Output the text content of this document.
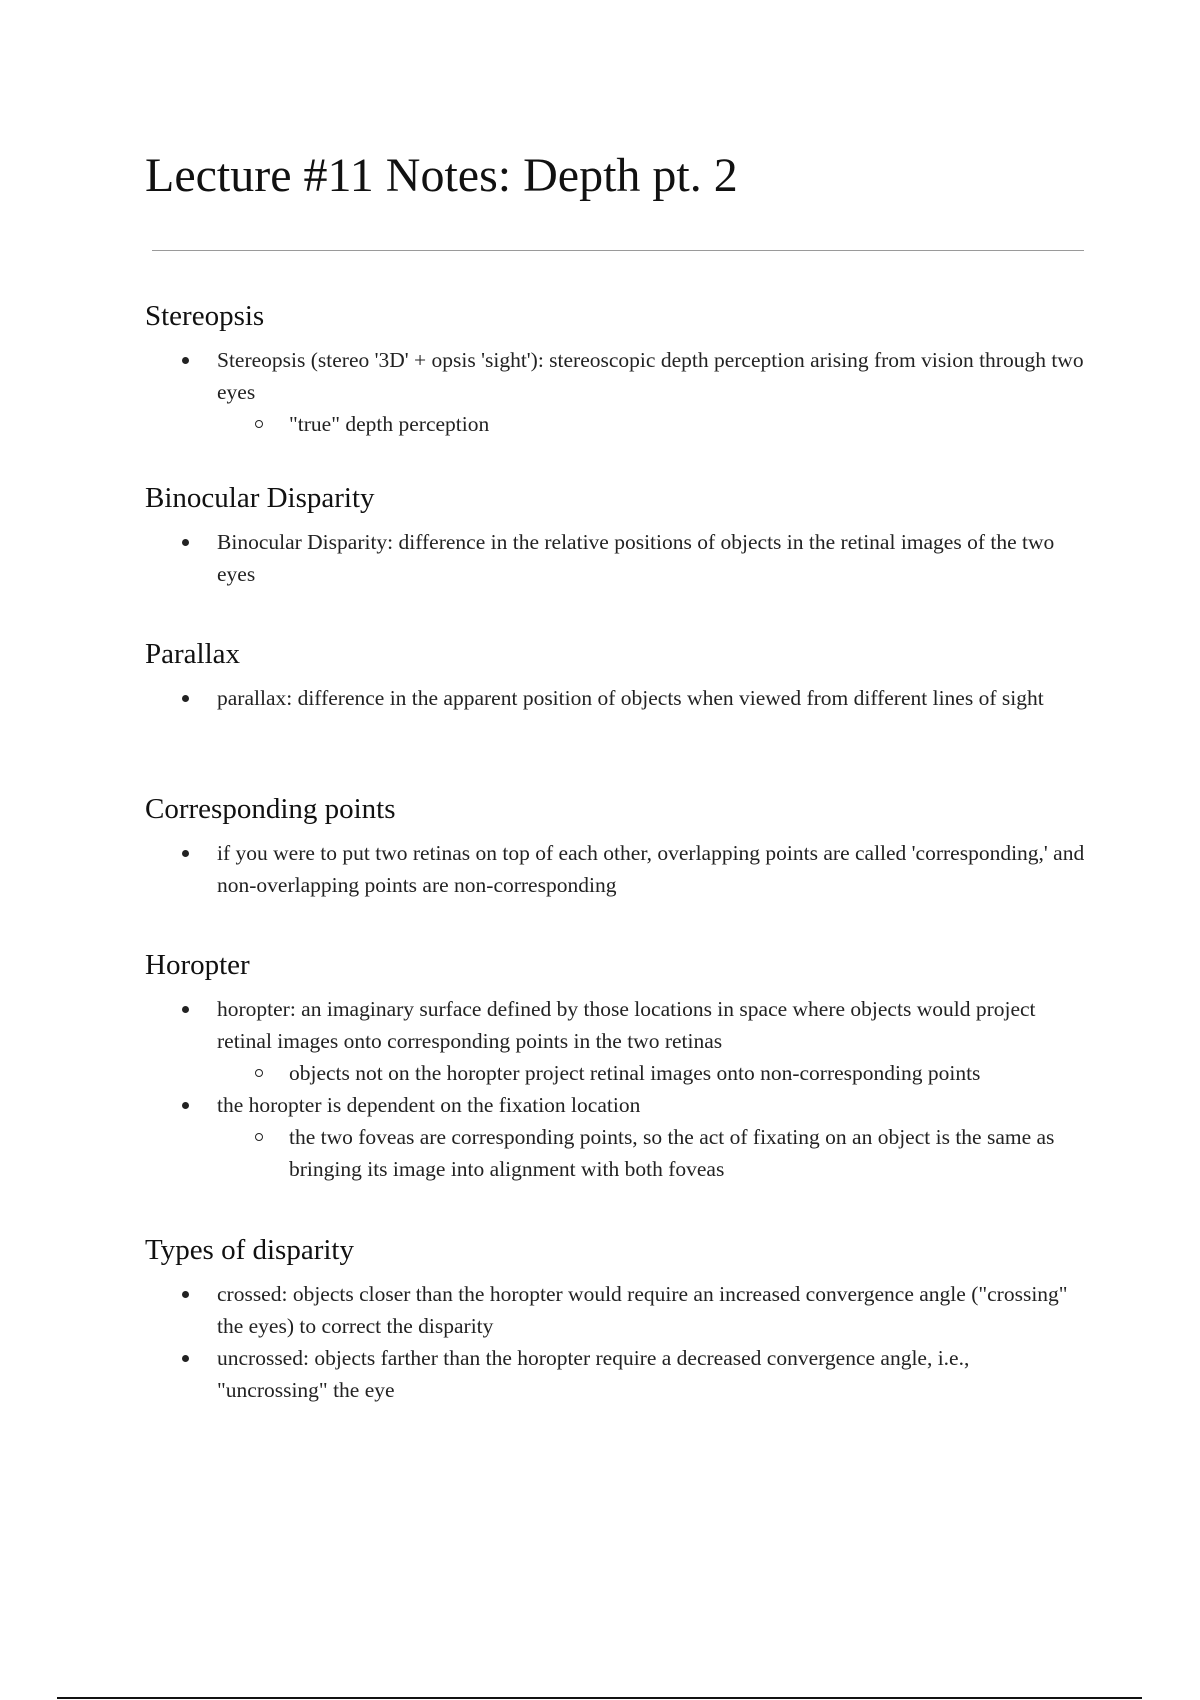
Lecture #11 Notes: Depth pt. 2
Stereopsis
Stereopsis (stereo '3D' + opsis 'sight'): stereoscopic depth perception arising from vision through two eyes
"true" depth perception
Binocular Disparity
Binocular Disparity: difference in the relative positions of objects in the retinal images of the two eyes
Parallax
parallax: difference in the apparent position of objects when viewed from different lines of sight
Corresponding points
if you were to put two retinas on top of each other, overlapping points are called 'corresponding,' and non-overlapping points are non-corresponding
Horopter
horopter: an imaginary surface defined by those locations in space where objects would project retinal images onto corresponding points in the two retinas
objects not on the horopter project retinal images onto non-corresponding points
the horopter is dependent on the fixation location
the two foveas are corresponding points, so the act of fixating on an object is the same as bringing its image into alignment with both foveas
Types of disparity
crossed: objects closer than the horopter would require an increased convergence angle ("crossing" the eyes) to correct the disparity
uncrossed: objects farther than the horopter require a decreased convergence angle, i.e., "uncrossing" the eye
